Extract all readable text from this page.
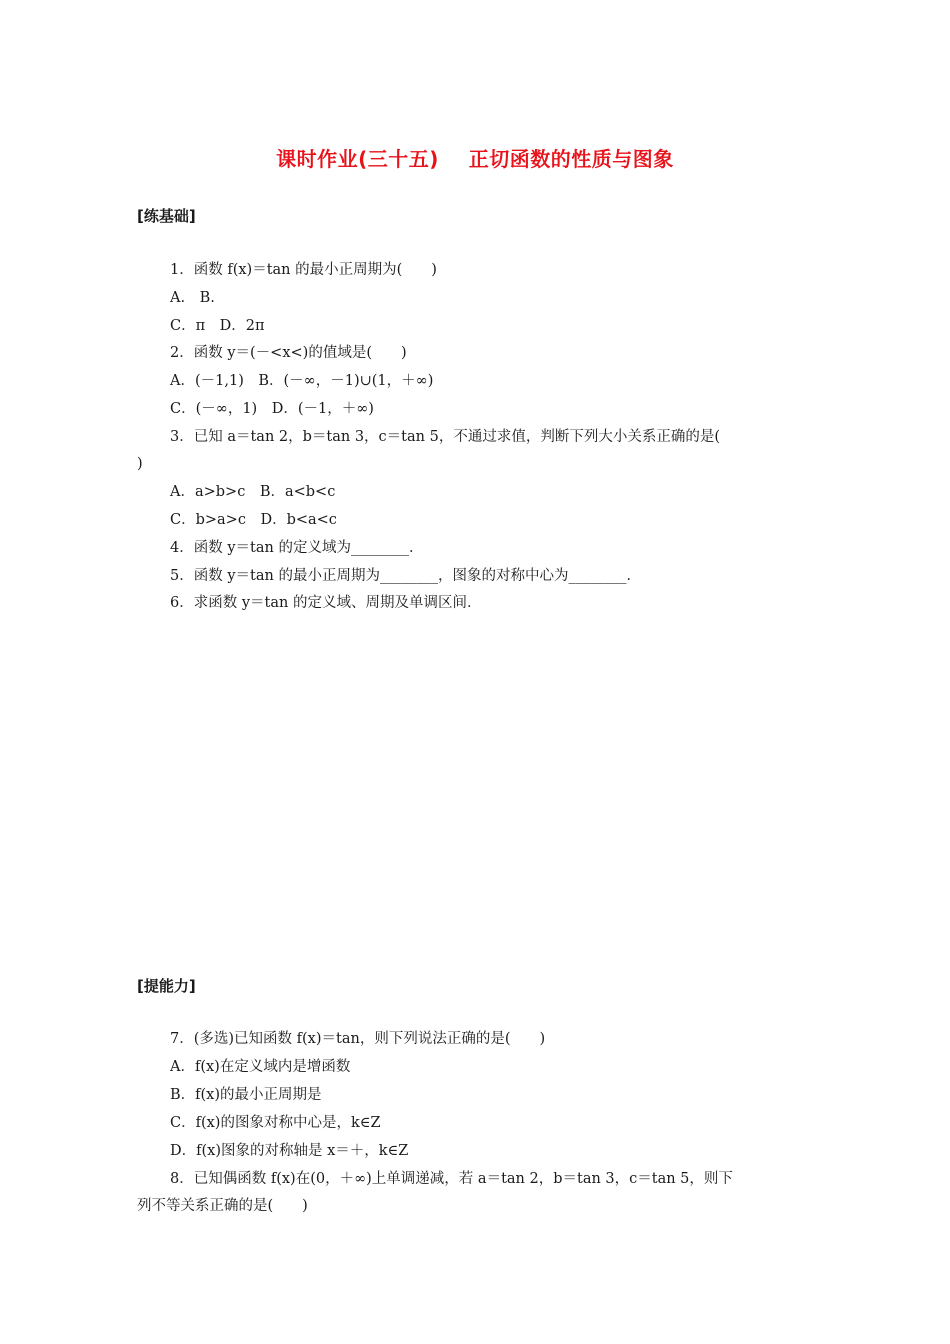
课时作业(三十五)    正切函数的性质与图象
[练基础]
1．函数 f(x)＝tan 的最小正周期为(　　)
A.　B.
C．π　D．2π
2．函数 y＝(－<x<)的值域是(　　)
A．(－1,1)　B．(－∞，－1)∪(1，＋∞)
C．(－∞，1)　D．(－1，＋∞)
3．已知 a＝tan 2，b＝tan 3，c＝tan 5，不通过求值，判断下列大小关系正确的是(
)
A．a>b>c　B．a<b<c
C．b>a>c　D．b<a<c
4．函数 y＝tan 的定义域为________．
5．函数 y＝tan 的最小正周期为________，图象的对称中心为________．
6．求函数 y＝tan 的定义域、周期及单调区间．
[提能力]
7．(多选)已知函数 f(x)＝tan，则下列说法正确的是(　　)
A．f(x)在定义域内是增函数
B．f(x)的最小正周期是
C．f(x)的图象对称中心是，k∈Z
D．f(x)图象的对称轴是 x＝＋，k∈Z
8．已知偶函数 f(x)在(0，＋∞)上单调递减，若 a＝tan 2，b＝tan 3，c＝tan 5，则下
列不等关系正确的是(　　)
